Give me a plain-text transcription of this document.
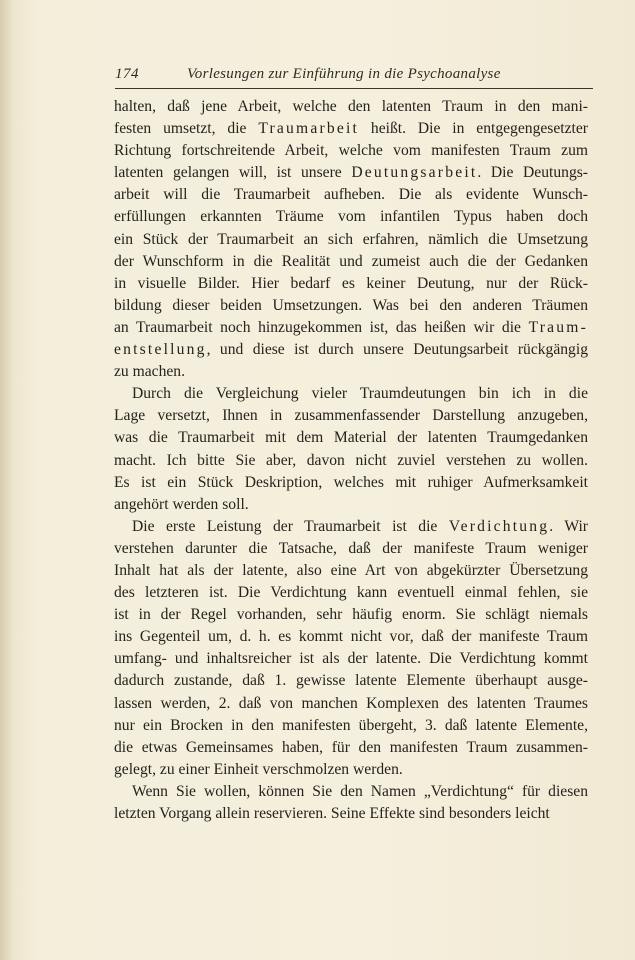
174	Vorlesungen zur Einführung in die Psychoanalyse

halten, daß jene Arbeit, welche den latenten Traum in den mani-
festen umsetzt, die Traumarbeit heißt. Die in entgegengesetzter
Richtung fortschreitende Arbeit, welche vom manifesten Traum zum
latenten gelangen will, ist unsere Deutungsarbeit. Die Deutungs-
arbeit will die Traumarbeit aufheben. Die als evidente Wunsch-
erfüllungen erkannten Träume vom infantilen Typus haben doch
ein Stück der Traumarbeit an sich erfahren, nämlich die Umsetzung
der Wunschform in die Realität und zumeist auch die der Gedanken
in visuelle Bilder. Hier bedarf es keiner Deutung, nur der Rück-
bildung dieser beiden Umsetzungen. Was bei den anderen Träumen
an Traumarbeit noch hinzugekommen ist, das heißen wir die Traum-
entstellung, und diese ist durch unsere Deutungsarbeit rückgängig
zu machen.

Durch die Vergleichung vieler Traumdeutungen bin ich in die
Lage versetzt, Ihnen in zusammenfassender Darstellung anzugeben,
was die Traumarbeit mit dem Material der latenten Traumgedanken
macht. Ich bitte Sie aber, davon nicht zuviel verstehen zu wollen.
Es ist ein Stück Deskription, welches mit ruhiger Aufmerksamkeit
angehört werden soll.

Die erste Leistung der Traumarbeit ist die Verdichtung. Wir
verstehen darunter die Tatsache, daß der manifeste Traum weniger
Inhalt hat als der latente, also eine Art von abgekürzter Übersetzung
des letzteren ist. Die Verdichtung kann eventuell einmal fehlen, sie
ist in der Regel vorhanden, sehr häufig enorm. Sie schlägt niemals
ins Gegenteil um, d. h. es kommt nicht vor, daß der manifeste Traum
umfang- und inhaltsreicher ist als der latente. Die Verdichtung kommt
dadurch zustande, daß 1. gewisse latente Elemente überhaupt ausge-
lassen werden, 2. daß von manchen Komplexen des latenten Traumes
nur ein Brocken in den manifesten übergeht, 3. daß latente Elemente,
die etwas Gemeinsames haben, für den manifesten Traum zusammen-
gelegt, zu einer Einheit verschmolzen werden.

Wenn Sie wollen, können Sie den Namen „Verdichtung“ für diesen
letzten Vorgang allein reservieren. Seine Effekte sind besonders leicht
